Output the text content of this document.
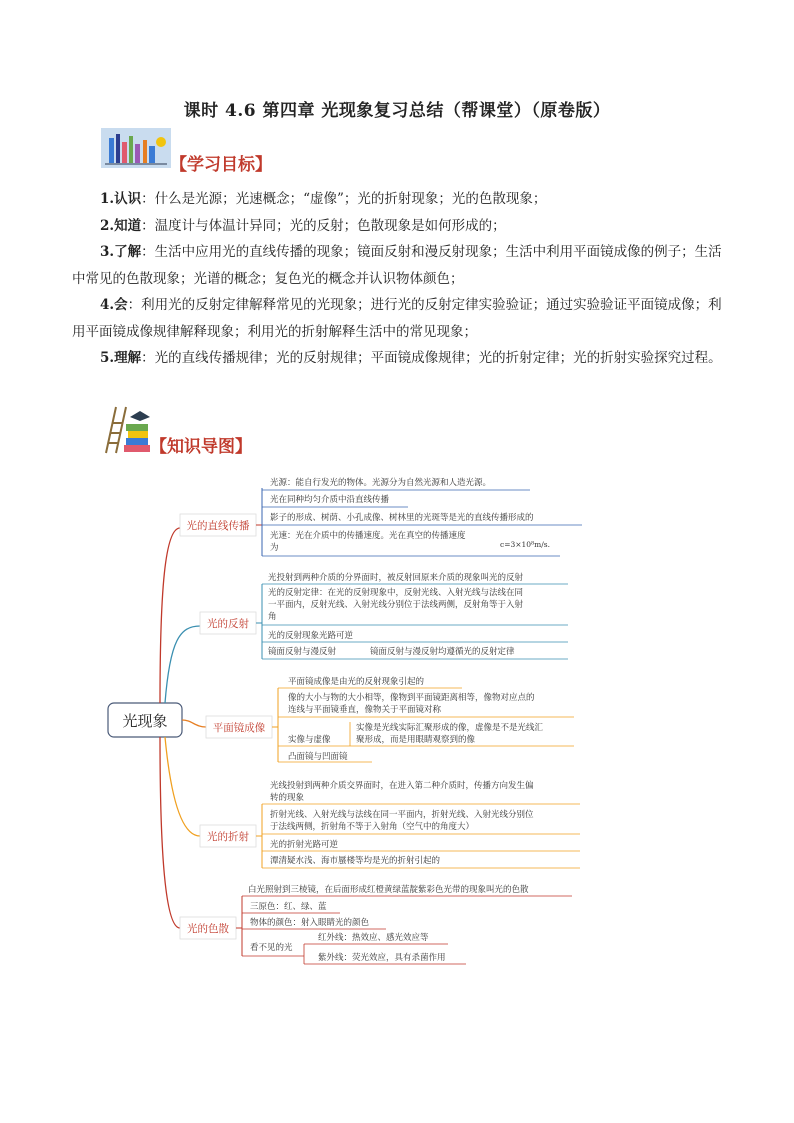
课时 4.6 第四章 光现象复习总结（帮课堂）（原卷版）
【学习目标】

1.认识：什么是光源；光速概念；“虚像”；光的折射现象；光的色散现象；

2.知道：温度计与体温计异同；光的反射；色散现象是如何形成的；

3.了解：生活中应用光的直线传播的现象；镜面反射和漫反射现象；生活中利用平面镜成像的例子；生活中常见的色散现象；光谱的概念；复色光的概念并认识物体颜色；

4.会：利用光的反射定律解释常见的光现象；进行光的反射定律实验验证；通过实验验证平面镜成像；利用平面镜成像规律解释现象；利用光的折射解释生活中的常见现象；

5.理解：光的直线传播规律；光的反射规律；平面镜成像规律；光的折射定律；光的折射实验探究过程。

【知识导图】
光现象
光的直线传播
光源：能自行发光的物体。光源分为自然光源和人造光源。
光在同种均匀介质中沿直线传播
影子的形成、树荫、小孔成像、树林里的光斑等是光的直线传播形成的
光速：光在介质中的传播速度。光在真空的传播速度
为	c=3×10⁸m/s.
光的反射
光投射到两种介质的分界面时，被反射回原来介质的现象叫光的反射
光的反射定律：在光的反射现象中，反射光线、入射光线与法线在同
一平面内，反射光线、入射光线分别位于法线两侧，反射角等于入射
角
光的反射现象光路可逆
镜面反射与漫反射	镜面反射与漫反射均遵循光的反射定律
平面镜成像
平面镜成像是由光的反射现象引起的
像的大小与物的大小相等，像物到平面镜距离相等，像物对应点的
连线与平面镜垂直，像物关于平面镜对称
实像是光线实际汇聚形成的像，虚像是不是光线汇
实像与虚像	聚形成，而是用眼睛观察到的像
凸面镜与凹面镜
光的折射
光线投射到两种介质交界面时，在进入第二种介质时，传播方向发生偏
转的现象
折射光线、入射光线与法线在同一平面内，折射光线、入射光线分别位
于法线两侧，折射角不等于入射角（空气中的角度大）
光的折射光路可逆
潭清疑水浅、海市蜃楼等均是光的折射引起的
光的色散
白光照射到三棱镜，在后面形成红橙黄绿蓝靛紫彩色光带的现象叫光的色散
三原色：红、绿、蓝
物体的颜色：射入眼睛光的颜色
看不见的光
红外线：热效应、感光效应等
紫外线：荧光效应，具有杀菌作用
